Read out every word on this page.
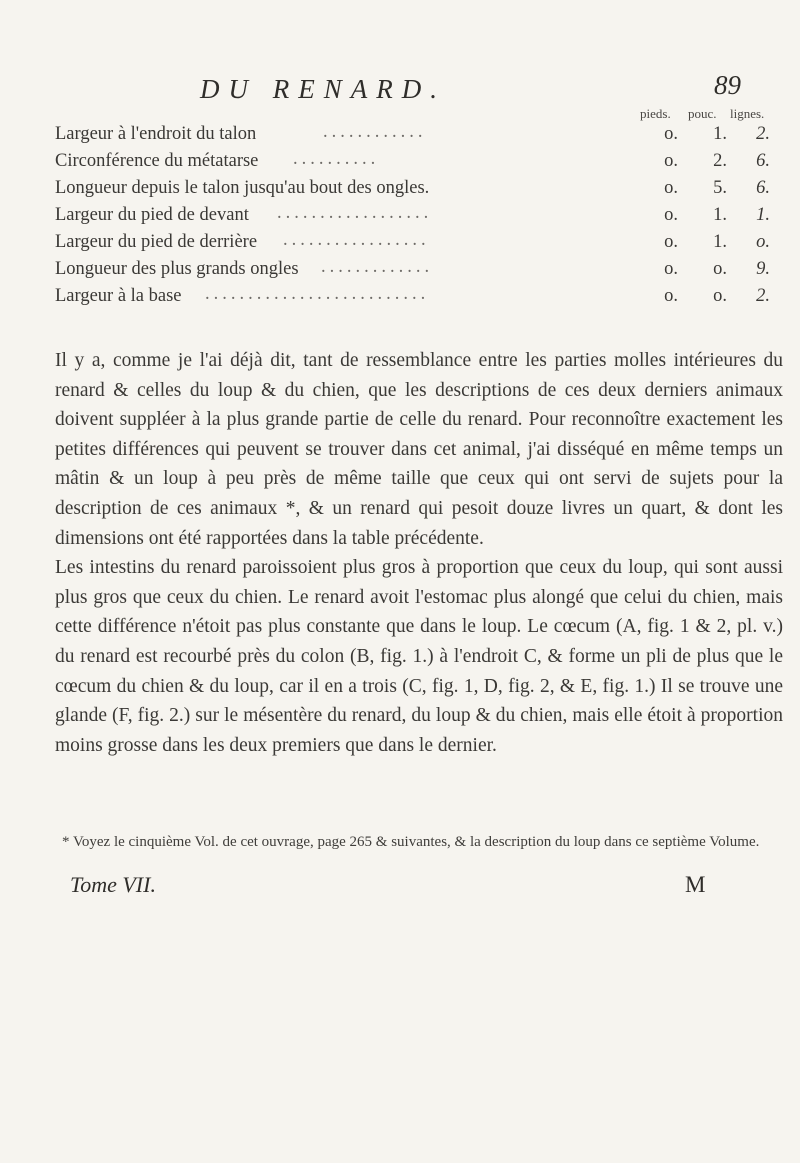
DU RENARD.	89
pieds. pouc. lignes.
Largeur à l'endroit du talon	............	o.	1.	2.
Circonférence du métatarse ..........	o.	2.	6.
Longueur depuis le talon jusqu'au bout des ongles.	o.	5.	6.
Largeur du pied de devant ..................	o.	1.	1.
Largeur du pied de derrière .................	o.	1.	o.
Longueur des plus grands ongles .............	o.	o.	9.
Largeur à la base ..........................	o.	o.	2.

Il y a, comme je l'ai déjà dit, tant de ressemblance entre les parties molles intérieures du renard & celles du loup & du chien, que les descriptions de ces deux derniers animaux doivent suppléer à la plus grande partie de celle du renard. Pour reconnoître exactement les petites différences qui peuvent se trouver dans cet animal, j'ai disséqué en même temps un mâtin & un loup à peu près de même taille que ceux qui ont servi de sujets pour la description de ces animaux *, & un renard qui pesoit douze livres un quart, & dont les dimensions ont été rapportées dans la table précédente.

Les intestins du renard paroissoient plus gros à proportion que ceux du loup, qui sont aussi plus gros que ceux du chien. Le renard avoit l'estomac plus alongé que celui du chien, mais cette différence n'étoit pas plus constante que dans le loup. Le cœcum (A, fig. 1 & 2, pl. v.) du renard est recourbé près du colon (B, fig. 1.) à l'endroit C, & forme un pli de plus que le cœcum du chien & du loup, car il en a trois (C, fig. 1, D, fig. 2, & E, fig. 1.) Il se trouve une glande (F, fig. 2.) sur le mésentère du renard, du loup & du chien, mais elle étoit à proportion moins grosse dans les deux premiers que dans le dernier.

* Voyez le cinquième Vol. de cet ouvrage, page 265 & suivantes, & la description du loup dans ce septième Volume.
Tome VII.	M
